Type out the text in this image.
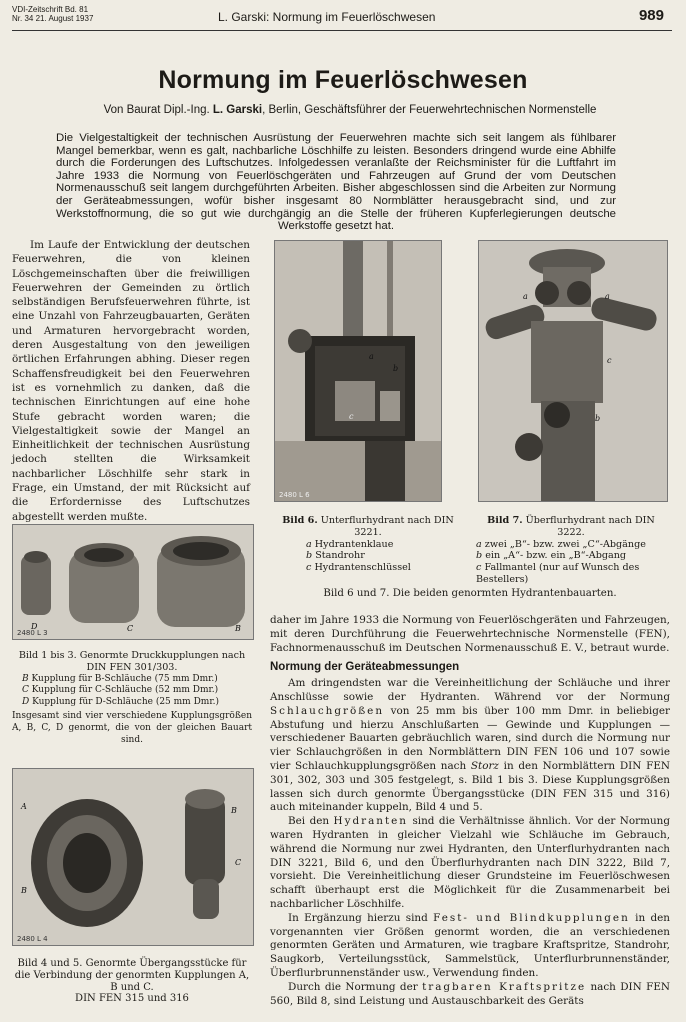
VDI-Zeitschrift Bd. 81
Nr. 34 21. August 1937	L. Garski: Normung im Feuerlöschwesen	989
Normung im Feuerlöschwesen
Von Baurat Dipl.-Ing. L. Garski, Berlin, Geschäftsführer der Feuerwehrtechnischen Normenstelle
Die Vielgestaltigkeit der technischen Ausrüstung der Feuerwehren machte sich seit langem als fühlbarer Mangel bemerkbar, wenn es galt, nachbarliche Löschhilfe zu leisten. Besonders dringend wurde eine Abhilfe durch die Forderungen des Luftschutzes. Infolgedessen veranlaßte der Reichsminister für die Luftfahrt im Jahre 1933 die Normung von Feuerlöschgeräten und Fahrzeugen auf Grund der vom Deutschen Normenausschuß seit langem durchgeführten Arbeiten. Bisher abgeschlossen sind die Arbeiten zur Normung der Geräteabmessungen, wofür bisher insgesamt 80 Normblätter herausgebracht sind, und zur Werkstoffnormung, die so gut wie durchgängig an die Stelle der früheren Kupferlegierungen deutsche Werkstoffe gesetzt hat.

Im Laufe der Entwicklung der deutschen Feuerwehren, die von kleinen Löschgemeinschaften über die freiwilligen Feuerwehren der Gemeinden zu örtlich selbständigen Berufsfeuerwehren führte, ist eine Unzahl von Fahrzeugbauarten, Geräten und Armaturen hervorgebracht worden, deren Ausgestaltung von den jeweiligen örtlichen Erfahrungen abhing. Dieser regen Schaffensfreudigkeit bei den Feuerwehren ist es vornehmlich zu danken, daß die technischen Einrichtungen auf eine hohe Stufe gebracht worden waren; die Vielgestaltigkeit sowie der Mangel an Einheitlichkeit der technischen Ausrüstung jedoch stellten die Wirksamkeit nachbarlicher Löschhilfe sehr stark in Frage, ein Umstand, der mit Rücksicht auf die Erfordernisse des Luftschutzes abgestellt werden mußte.

a
b
c
2480 L 6
a	a
c
b
Bild 6. Unterflurhydrant nach DIN 3221.
a Hydrantenklaue
b Standrohr
c Hydrantenschlüssel
Bild 7. Überflurhydrant nach DIN 3222.
a zwei „B“- bzw. zwei „C“-Abgänge
b ein „A“- bzw. ein „B“-Abgang
c Fallmantel (nur auf Wunsch des Bestellers)
Bild 6 und 7. Die beiden genormten Hydrantenbauarten.
D	C	B
2480 L 3
Bild 1 bis 3. Genormte Druckkupplungen nach DIN FEN 301/303.
B Kupplung für B-Schläuche (75 mm Dmr.)
C Kupplung für C-Schläuche (52 mm Dmr.)
D Kupplung für D-Schläuche (25 mm Dmr.)
Insgesamt sind vier verschiedene Kupplungsgrößen A, B, C, D genormt, die von der gleichen Bauart sind.
A
B
B
C
2480 L 4
Bild 4 und 5. Genormte Übergangsstücke für die Verbindung der genormten Kupplungen A, B und C.
DIN FEN 315 und 316

daher im Jahre 1933 die Normung von Feuerlöschgeräten und Fahrzeugen, mit deren Durchführung die Feuerwehrtechnische Normenstelle (FEN), Fachnormenausschuß im Deutschen Normenausschuß E. V., betraut wurde.

Normung der Geräteabmessungen

Am dringendsten war die Vereinheitlichung der Schläuche und ihrer Anschlüsse sowie der Hydranten. Während vor der Normung Schlauchgrößen von 25 mm bis über 100 mm Dmr. in beliebiger Abstufung und hierzu Anschlußarten — Gewinde und Kupplungen — verschiedener Bauarten gebräuchlich waren, sind durch die Normung nur vier Schlauchgrößen in den Normblättern DIN FEN 106 und 107 sowie vier Schlauchkupplungsgrößen nach Storz in den Normblättern DIN FEN 301, 302, 303 und 305 festgelegt, s. Bild 1 bis 3. Diese Kupplungsgrößen lassen sich durch genormte Übergangsstücke (DIN FEN 315 und 316) auch miteinander kuppeln, Bild 4 und 5.

Bei den Hydranten sind die Verhältnisse ähnlich. Vor der Normung waren Hydranten in gleicher Vielzahl wie Schläuche im Gebrauch, während die Normung nur zwei Hydranten, den Unterflurhydranten nach DIN 3221, Bild 6, und den Überflurhydranten nach DIN 3222, Bild 7, vorsieht. Die Vereinheitlichung dieser Grundsteine im Feuerlöschwesen schafft überhaupt erst die Möglichkeit für die Zusammenarbeit bei nachbarlicher Löschhilfe.

In Ergänzung hierzu sind Fest- und Blindkupplungen in den vorgenannten vier Größen genormt worden, die an verschiedenen genormten Geräten und Armaturen, wie tragbare Kraftspritze, Standrohr, Saugkorb, Verteilungsstück, Sammelstück, Unterflurbrunnenständer, Überflurbrunnenständer usw., Verwendung finden.

Durch die Normung der tragbaren Kraftspritze nach DIN FEN 560, Bild 8, sind Leistung und Austauschbarkeit des Geräts
